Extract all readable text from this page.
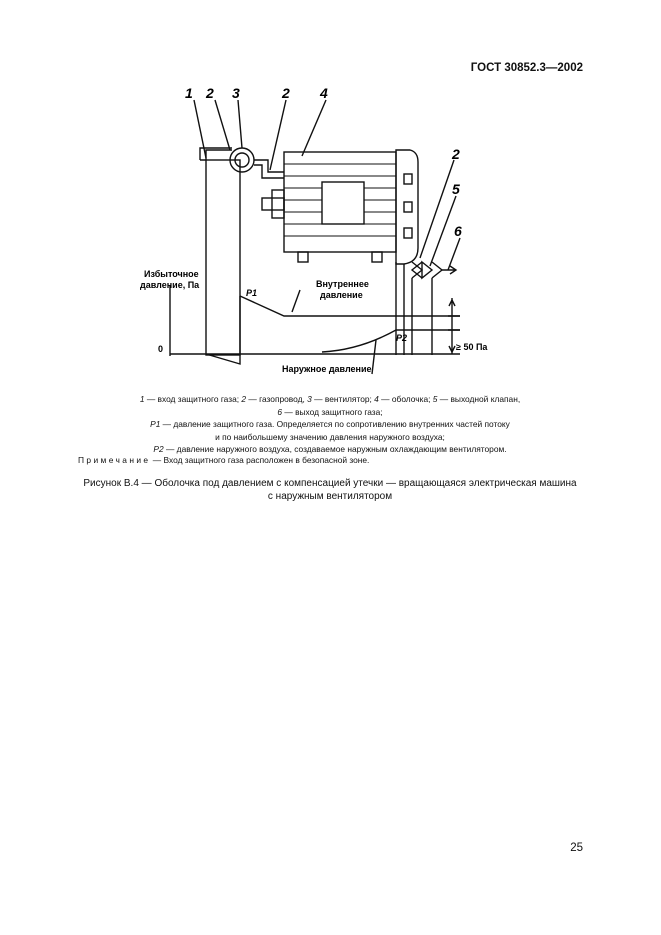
ГОСТ 30852.3—2002
1 2 3	2 4
2
5
6
Избыточное
давление, Па
0
P1
P2
Внутреннее
давление
Наружное давление
≥ 50 Па
1 — вход защитного газа; 2 — газопровод, 3 — вентилятор; 4 — оболочка; 5 — выходной клапан,
6 — выход защитного газа;
P1 — давление защитного газа. Определяется по сопротивлению внутренних частей потоку
и по наибольшему значению давления наружного воздуха;
P2 — давление наружного воздуха, создаваемое наружным охлаждающим вентилятором.
Примечание — Вход защитного газа расположен в безопасной зоне.
Рисунок В.4 — Оболочка под давлением с компенсацией утечки — вращающаяся электрическая машина
с наружным вентилятором
25
